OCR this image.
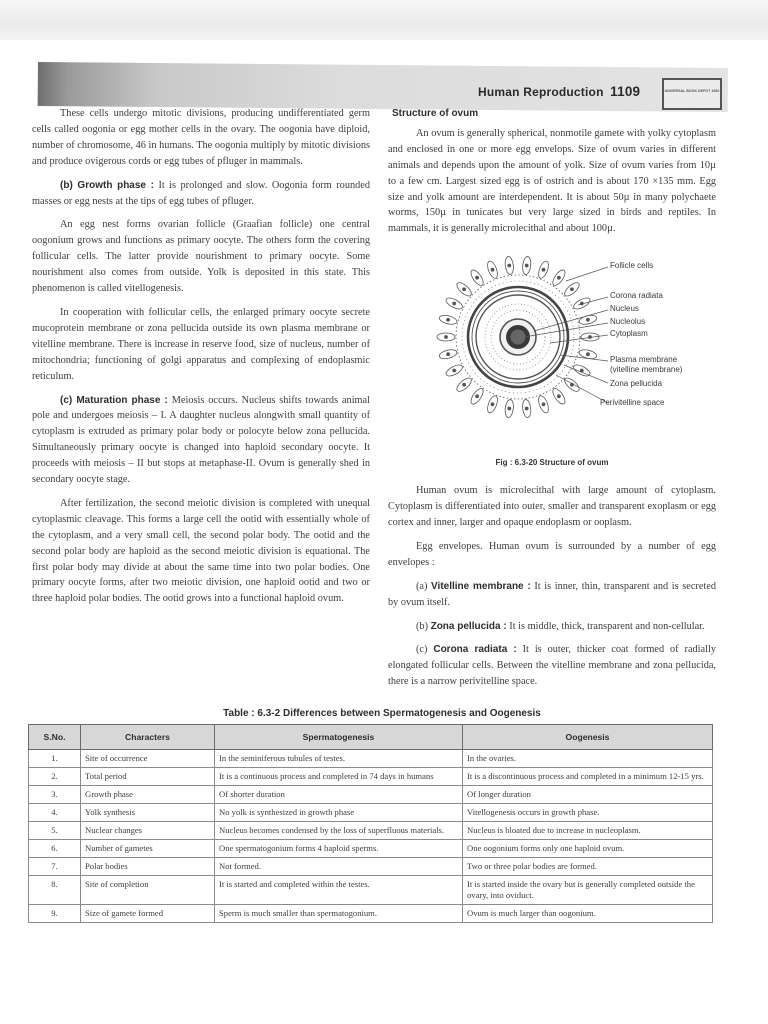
Human Reproduction 1109	UNIVERSAL BOOK DEPOT 1960

These cells undergo mitotic divisions, producing undifferentiated germ cells called oogonia or egg mother cells in the ovary. The oogonia have diploid, number of chromosome, 46 in humans. The oogonia multiply by mitotic divisions and produce ovigerous cords or egg tubes of pfluger in mammals.

(b) Growth phase : It is prolonged and slow. Oogonia form rounded masses or egg nests at the tips of egg tubes of pfluger.

An egg nest forms ovarian follicle (Graafian follicle) one central oogonium grows and functions as primary oocyte. The others form the covering follicular cells. The latter provide nourishment to primary oocyte. Some nourishment also comes from outside. Yolk is deposited in this state. This phenomenon is called vitellogenesis.

In cooperation with follicular cells, the enlarged primary oocyte secrete mucoprotein membrane or zona pellucida outside its own plasma membrane or vitelline membrane. There is increase in reserve food, size of nucleus, number of mitochondria; functioning of golgi apparatus and complexing of endoplasmic reticulum.

(c) Maturation phase : Meiosis occurs. Nucleus shifts towards animal pole and undergoes meiosis – I. A daughter nucleus alongwith small quantity of cytoplasm is extruded as primary polar body or polocyte below zona pellucida. Simultaneously primary oocyte is changed into haploid secondary oocyte. It proceeds with meiosis – II but stops at metaphase-II. Ovum is generally shed in secondary oocyte stage.

After fertilization, the second meiotic division is completed with unequal cytoplasmic cleavage. This forms a large cell the ootid with essentially whole of the cytoplasm, and a very small cell, the second polar body. The ootid and the second polar body are haploid as the second meiotic division is equational. The first polar body may divide at about the same time into two polar bodies. One primary oocyte forms, after two meiotic division, one haploid ootid and two or three haploid polar bodies. The ootid grows into a functional haploid ovum.

Structure of ovum

An ovum is generally spherical, nonmotile gamete with yolky cytoplasm and enclosed in one or more egg envelops. Size of ovum varies in different animals and depends upon the amount of yolk. Size of ovum varies from 10µ to a few cm. Largest sized egg is of ostrich and is about 170 ×135 mm. Egg size and yolk amount are interdependent. It is about 50µ in many polychaete worms, 150µ in tunicates but very large sized in birds and reptiles. In mammals, it is generally microlecithal and about 100µ.

Follicle cells
Corona radiata
Nucleus
Nucleolus
Cytoplasm
Plasma membrane
(vitelline membrane)
Zona pellucida
Perivitelline space
Fig : 6.3-20 Structure of ovum

Human ovum is microlecithal with large amount of cytoplasm. Cytoplasm is differentiated into outer, smaller and transparent exoplasm or egg cortex and inner, larger and opaque endoplasm or ooplasm.

Egg envelopes. Human ovum is surrounded by a number of egg envelopes :

(a) Vitelline membrane : It is inner, thin, transparent and is secreted by ovum itself.

(b) Zona pellucida : It is middle, thick, transparent and non-cellular.

(c) Corona radiata : It is outer, thicker coat formed of radially elongated follicular cells. Between the vitelline membrane and zona pellucida, there is a narrow perivitelline space.

Table : 6.3-2 Differences between Spermatogenesis and Oogenesis
S.No.	Characters	Spermatogenesis	Oogenesis
1.	Site of occurrence	In the seminiferous tubules of testes.	In the ovaries.
2.	Total period	It is a continuous process and completed in 74 days in humans	It is a discontinuous process and completed in a minimum 12-15 yrs.
3.	Growth phase	Of shorter duration	Of longer duration
4.	Yolk synthesis	No yolk is synthesized in growth phase	Vitellogenesis occurs in growth phase.
5.	Nuclear changes	Nucleus becomes condensed by the loss of superfluous materials.	Nucleus is bloated due to increase in nucleoplasm.
6.	Number of gametes	One spermatogonium forms 4 haploid sperms.	One oogonium forms only one haploid ovum.
7.	Polar bodies	Not formed.	Two or three polar bodies are formed.
8.	Site of completion	It is started and completed within the testes.	It is started inside the ovary but is generally completed outside the ovary, into oviduct.
9.	Size of gamete formed	Sperm is much smaller than spermatogonium.	Ovum is much larger than oogonium.
